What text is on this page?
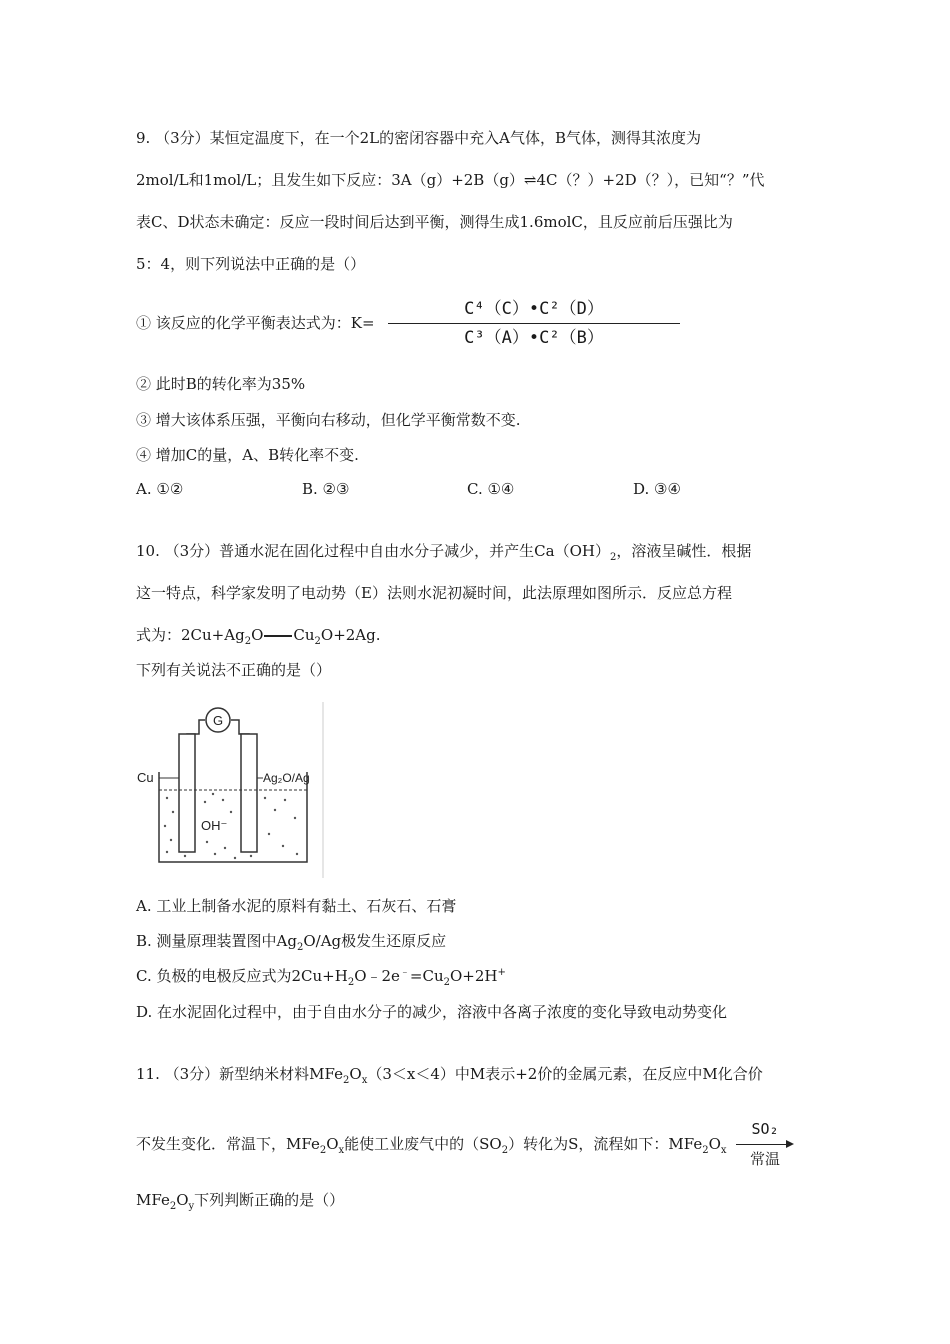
9. （3分）某恒定温度下，在一个2L的密闭容器中充入A气体，B气体，测得其浓度为
2mol/L和1mol/L；且发生如下反应：3A（g）+2B（g）⇌4C（？）+2D（？），已知“？”代
表C、D状态未确定：反应一段时间后达到平衡，测得生成1.6molC，且反应前后压强比为
5：4，则下列说法中正确的是（）
① 该反应的化学平衡表达式为：K=
C⁴（C）•C²（D）
C³（A）•C²（B）
② 此时B的转化率为35%
③ 增大该体系压强，平衡向右移动，但化学平衡常数不变.
④ 增加C的量，A、B转化率不变.
A. ①②	B. ②③	C. ①④	D. ③④
10. （3分）普通水泥在固化过程中自由水分子减少，并产生$Ca(OH)_2$，溶液呈碱性．根据
这一特点，科学家发明了电动势（E）法则水泥初凝时间，此法原理如图所示．反应总方程
式为：$2Cu+Ag_2O$ $Cu_2O+2Ag$.
下列有关说法不正确的是（）
G
Cu	Ag₂O/Ag
OH⁻
A. 工业上制备水泥的原料有黏土、石灰石、石膏
B. 测量原理装置图中$Ag_2O/Ag$极发生还原反应
C. 负极的电极反应式为$2Cu+H_2O﹣2e^﹣=Cu_2O+2H^+$
D. 在水泥固化过程中，由于自由水分子的减少，溶液中各离子浓度的变化导致电动势变化
11. （3分）新型纳米材料$MFe_2O_x(3<x<4)$中M表示+2价的金属元素，在反应中M化合价
不发生变化．常温下，$MFe_2O_x$能使工业废气中的$(SO_2)$转化为S，流程如下：$MFe_2O_x$
SO₂
常温
$MFe_2O_y$下列判断正确的是（）
